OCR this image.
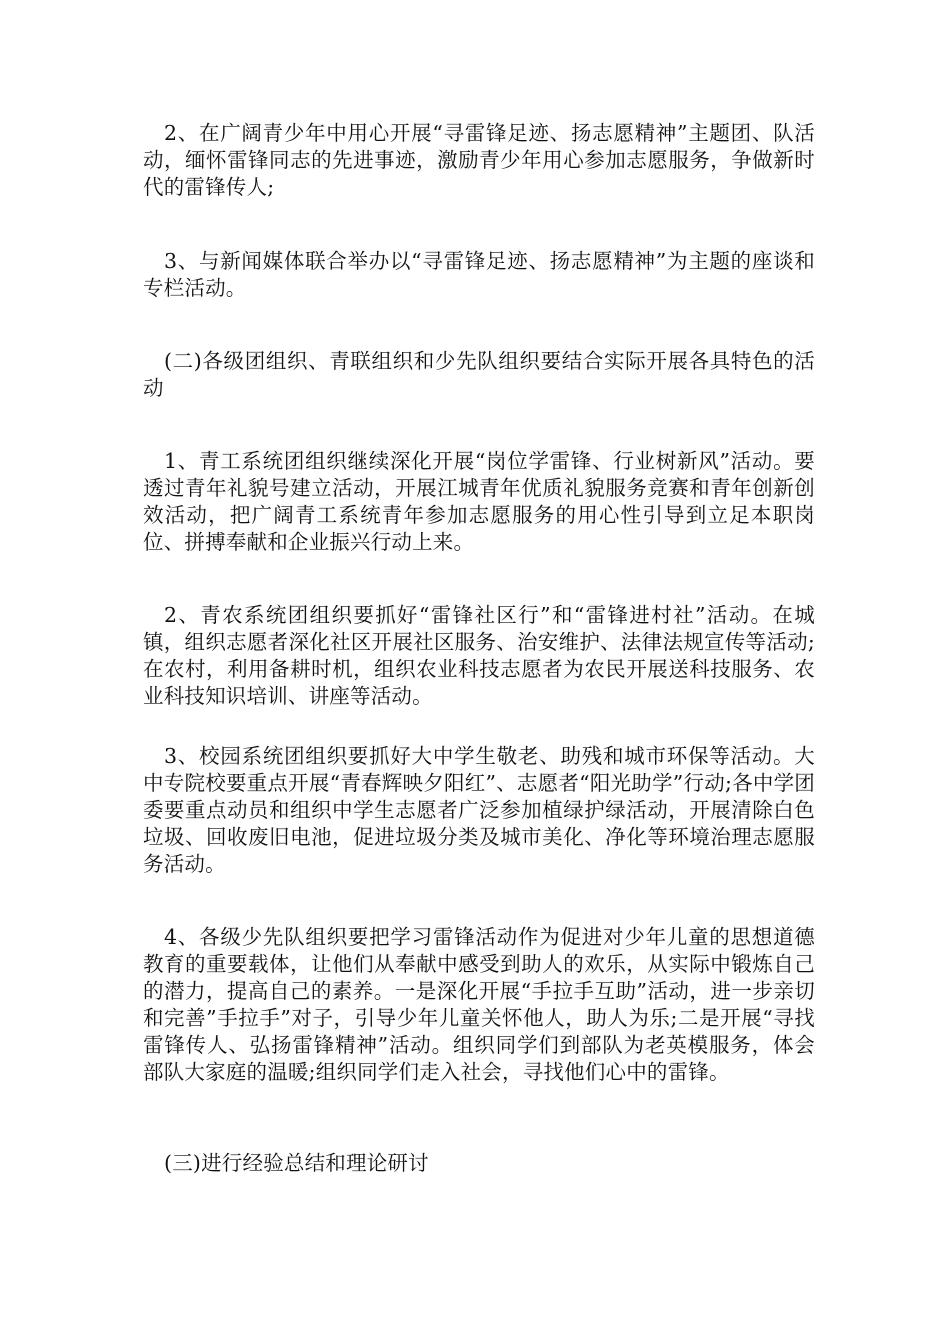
2、在广阔青少年中用心开展“寻雷锋足迹、扬志愿精神”主题团、队活动，缅怀雷锋同志的先进事迹，激励青少年用心参加志愿服务，争做新时代的雷锋传人;

3、与新闻媒体联合举办以“寻雷锋足迹、扬志愿精神”为主题的座谈和专栏活动。

(二)各级团组织、青联组织和少先队组织要结合实际开展各具特色的活动

1、青工系统团组织继续深化开展“岗位学雷锋、行业树新风”活动。要透过青年礼貌号建立活动，开展江城青年优质礼貌服务竞赛和青年创新创效活动，把广阔青工系统青年参加志愿服务的用心性引导到立足本职岗位、拼搏奉献和企业振兴行动上来。

2、青农系统团组织要抓好“雷锋社区行”和“雷锋进村社”活动。在城镇，组织志愿者深化社区开展社区服务、治安维护、法律法规宣传等活动;在农村，利用备耕时机，组织农业科技志愿者为农民开展送科技服务、农业科技知识培训、讲座等活动。

3、校园系统团组织要抓好大中学生敬老、助残和城市环保等活动。大中专院校要重点开展“青春辉映夕阳红”、志愿者“阳光助学”行动;各中学团委要重点动员和组织中学生志愿者广泛参加植绿护绿活动，开展清除白色垃圾、回收废旧电池，促进垃圾分类及城市美化、净化等环境治理志愿服务活动。

4、各级少先队组织要把学习雷锋活动作为促进对少年儿童的思想道德教育的重要载体，让他们从奉献中感受到助人的欢乐，从实际中锻炼自己的潜力，提高自己的素养。一是深化开展“手拉手互助”活动，进一步亲切和完善”手拉手”对子，引导少年儿童关怀他人，助人为乐;二是开展“寻找雷锋传人、弘扬雷锋精神”活动。组织同学们到部队为老英模服务，体会部队大家庭的温暖;组织同学们走入社会，寻找他们心中的雷锋。

(三)进行经验总结和理论研讨
